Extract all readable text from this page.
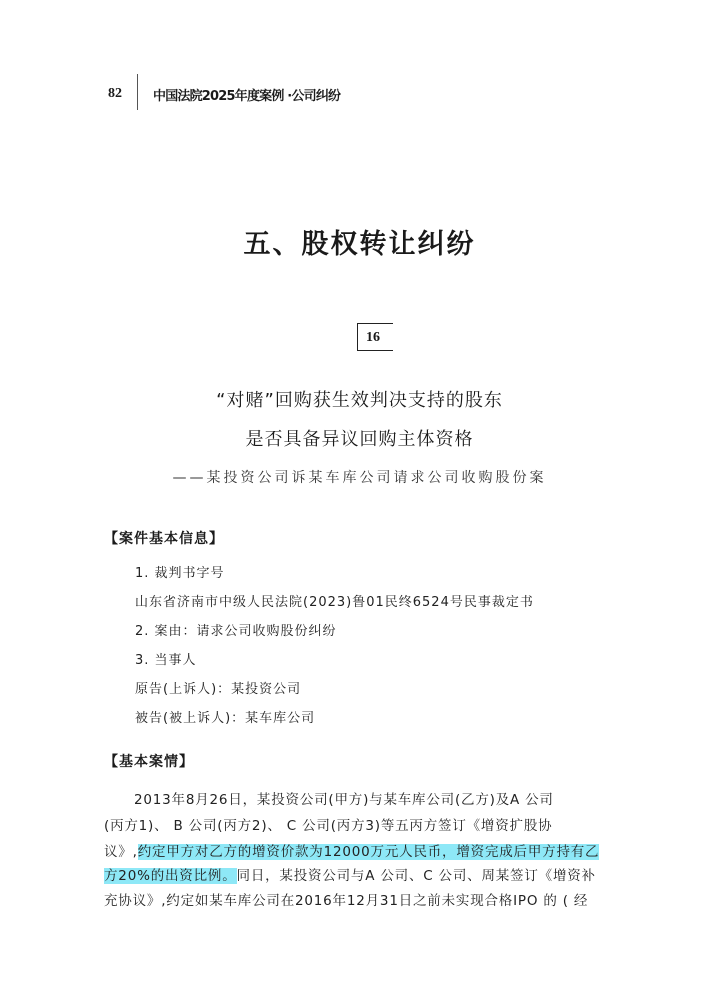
82 中国法院2025年度案例 ·公司纠纷
五、股权转让纠纷
16
“对赌”回购获生效判决支持的股东
是否具备异议回购主体资格
——某投资公司诉某车库公司请求公司收购股份案
【案件基本信息】
1. 裁判书字号
山东省济南市中级人民法院(2023)鲁01民终6524号民事裁定书
2. 案由：请求公司收购股份纠纷
3. 当事人
原告(上诉人)：某投资公司
被告(被上诉人)：某车库公司
【基本案情】
2013年8月26日，某投资公司(甲方)与某车库公司(乙方)及A 公司
(丙方1)、 B 公司(丙方2)、 C 公司(丙方3)等五丙方签订《增资扩股协
议》,约定甲方对乙方的增资价款为12000万元人民币，增资完成后甲方持有乙
方20%的出资比例。同日，某投资公司与A 公司、C 公司、周某签订《增资补
充协议》,约定如某车库公司在2016年12月31日之前未实现合格IPO 的 ( 经
